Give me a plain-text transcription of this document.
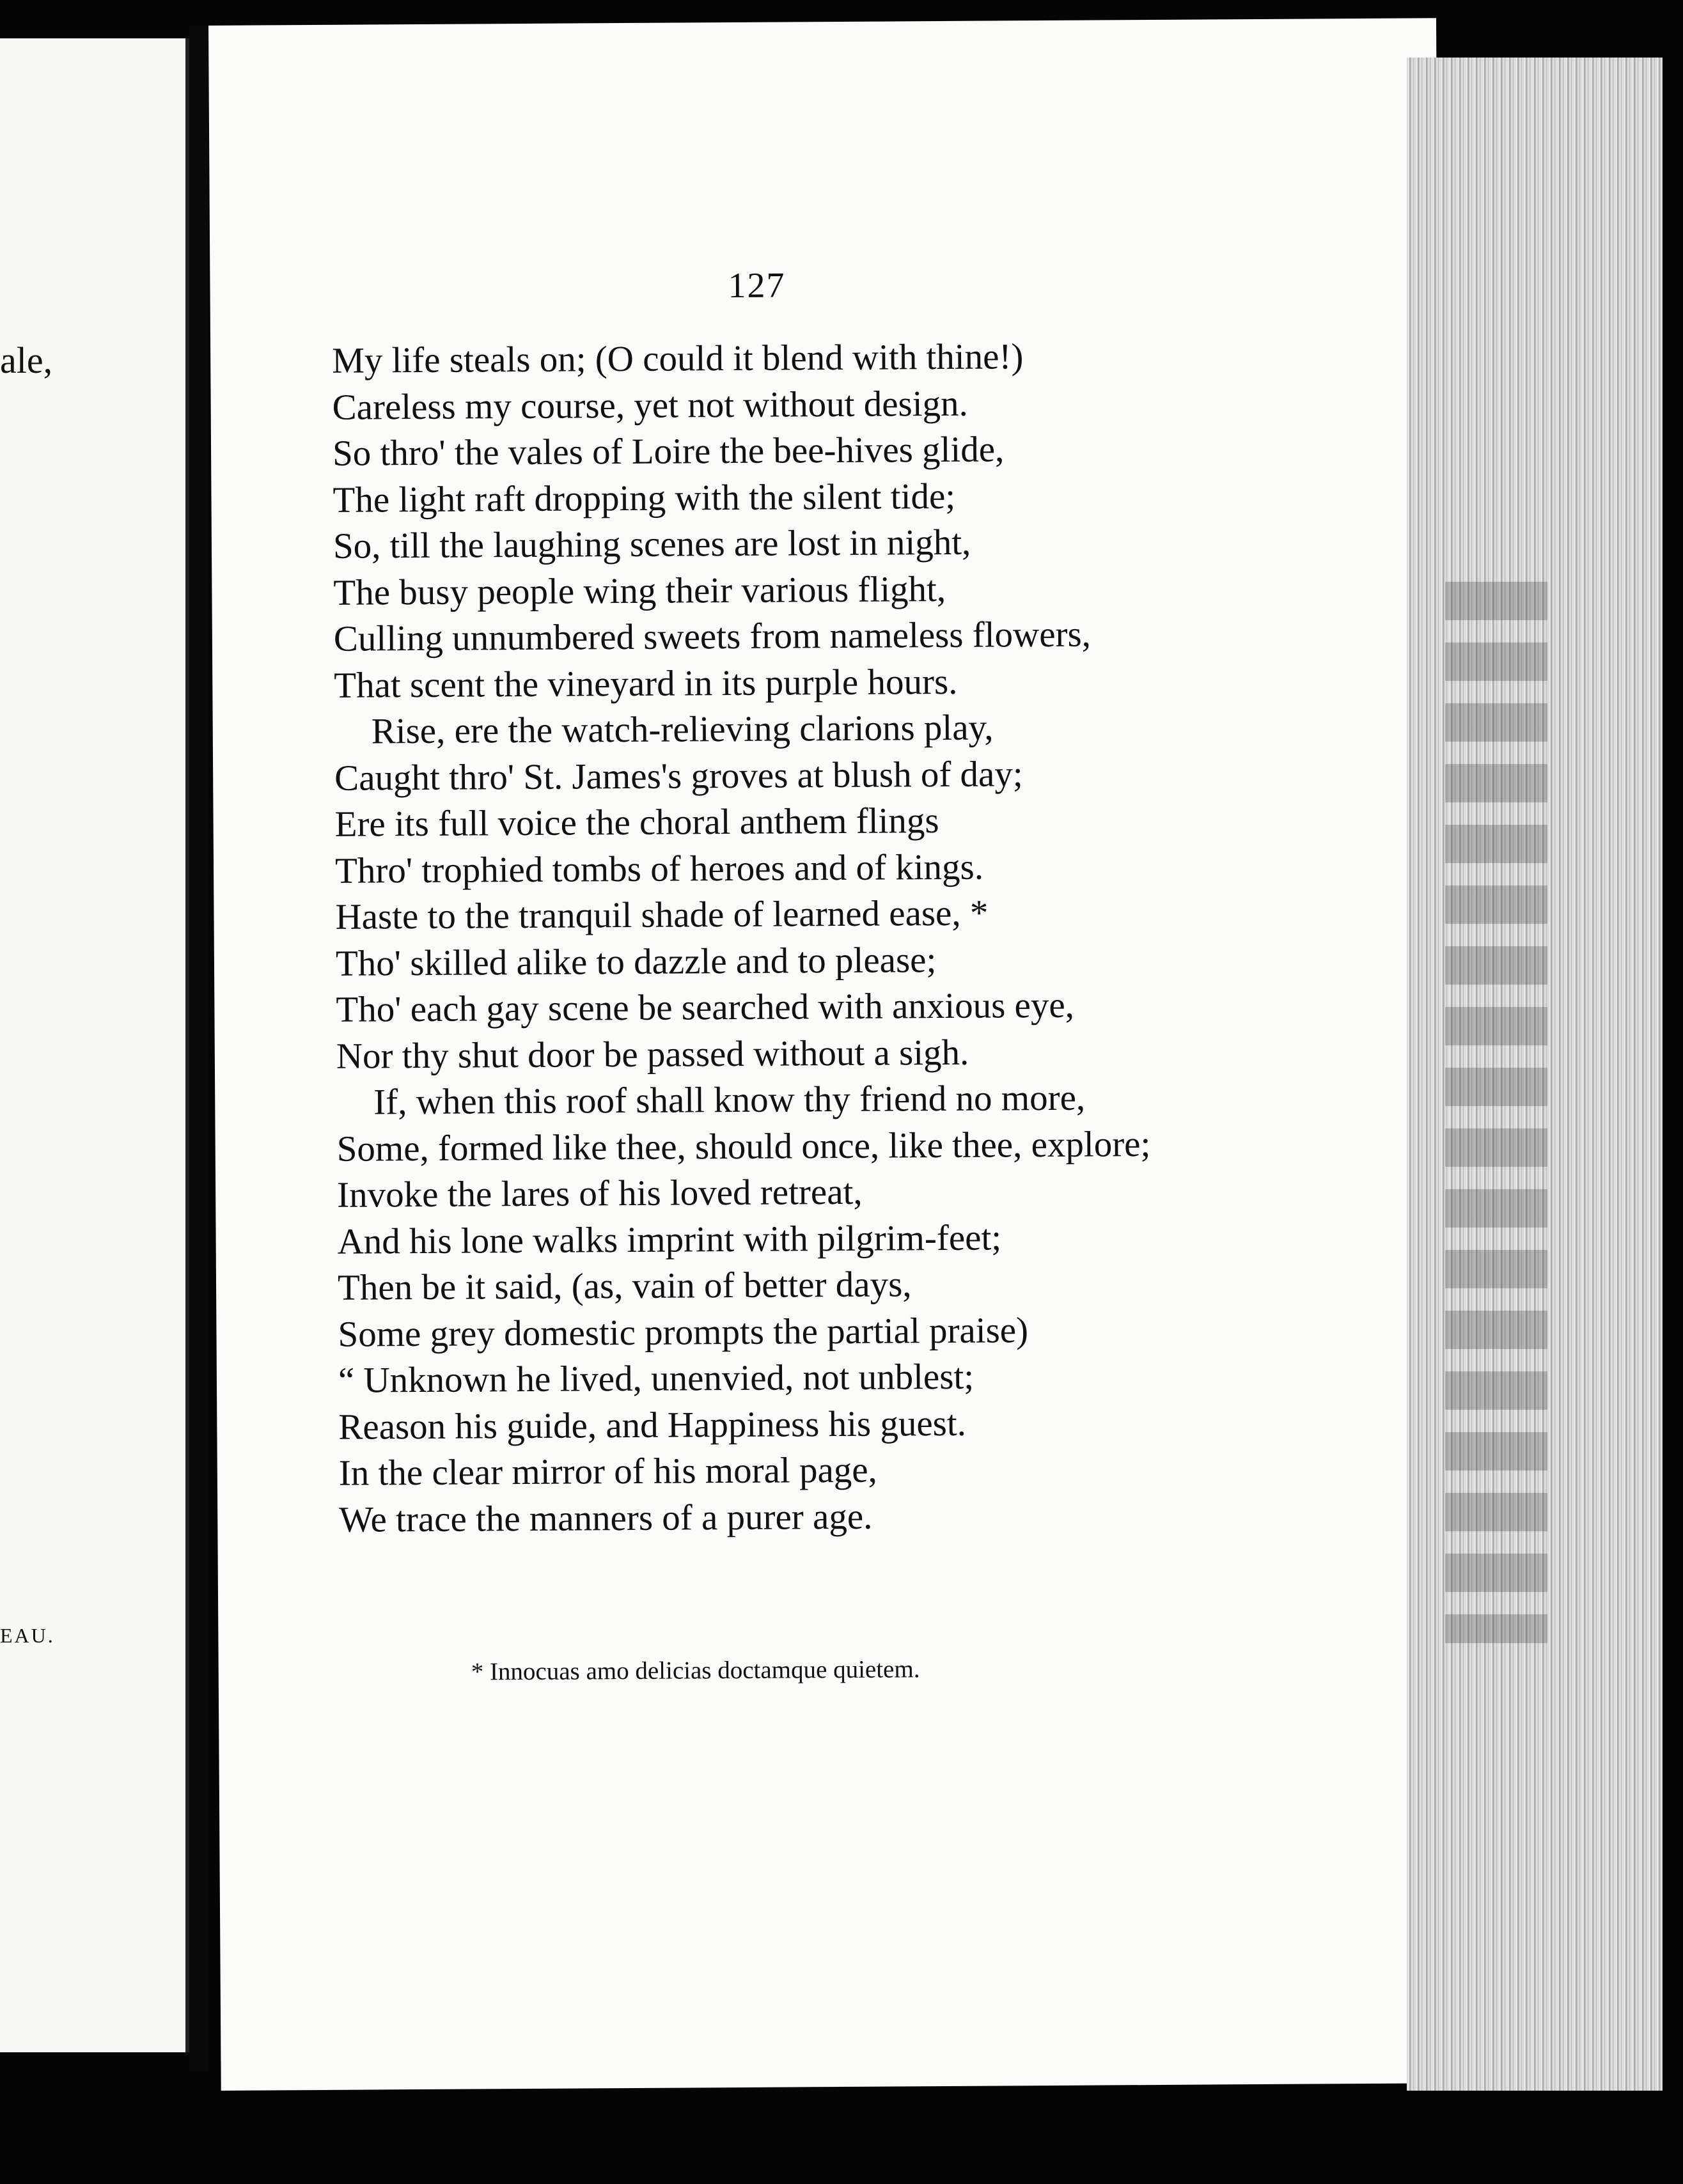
ale,
EAU.
127
My life steals on; (O could it blend with thine!)
Careless my course, yet not without design.
So thro' the vales of Loire the bee-hives glide,
The light raft dropping with the silent tide;
So, till the laughing scenes are lost in night,
The busy people wing their various flight,
Culling unnumbered sweets from nameless flowers,
That scent the vineyard in its purple hours.
Rise, ere the watch-relieving clarions play,
Caught thro' St. James's groves at blush of day;
Ere its full voice the choral anthem flings
Thro' trophied tombs of heroes and of kings.
Haste to the tranquil shade of learned ease, *
Tho' skilled alike to dazzle and to please;
Tho' each gay scene be searched with anxious eye,
Nor thy shut door be passed without a sigh.
If, when this roof shall know thy friend no more,
Some, formed like thee, should once, like thee, explore;
Invoke the lares of his loved retreat,
And his lone walks imprint with pilgrim-feet;
Then be it said, (as, vain of better days,
Some grey domestic prompts the partial praise)
“ Unknown he lived, unenvied, not unblest;
Reason his guide, and Happiness his guest.
In the clear mirror of his moral page,
We trace the manners of a purer age.
* Innocuas amo delicias doctamque quietem.
